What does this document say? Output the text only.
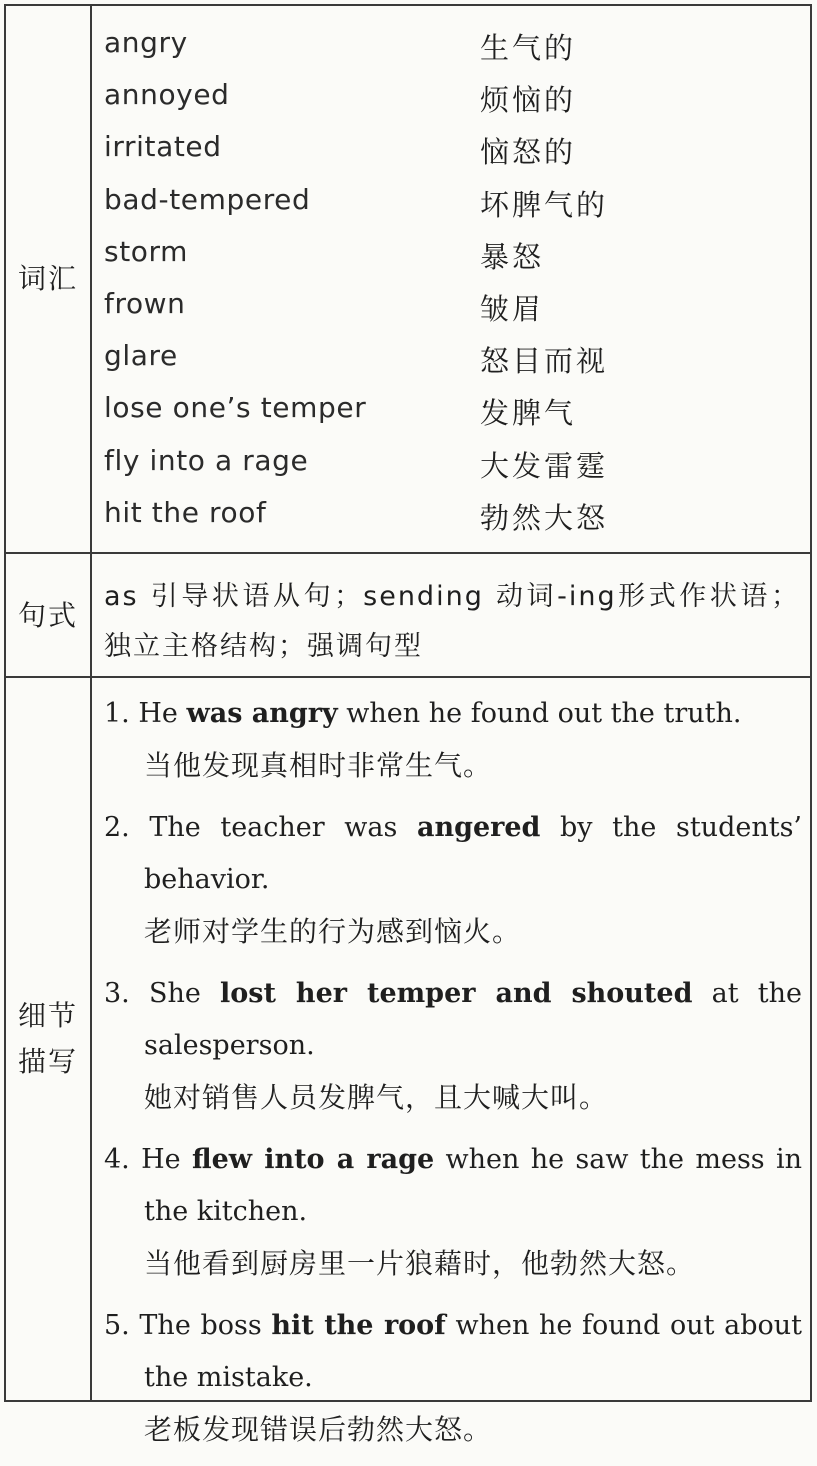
词汇
angry	生气的
annoyed	烦恼的
irritated	恼怒的
bad-tempered	坏脾气的
storm	暴怒
frown	皱眉
glare	怒目而视
lose one’s temper	发脾气
fly into a rage	大发雷霆
hit the roof	勃然大怒
句式
as 引导状语从句；sending 动词-ing形式作状语；独立主格结构；强调句型
细节
描写
1. He was angry when he found out the truth.
当他发现真相时非常生气。
2. The teacher was angered by the students’ behavior.
老师对学生的行为感到恼火。
3. She lost her temper and shouted at the salesperson.
她对销售人员发脾气，且大喊大叫。
4. He flew into a rage when he saw the mess in the kitchen.
当他看到厨房里一片狼藉时，他勃然大怒。
5. The boss hit the roof when he found out about the mistake.
老板发现错误后勃然大怒。
